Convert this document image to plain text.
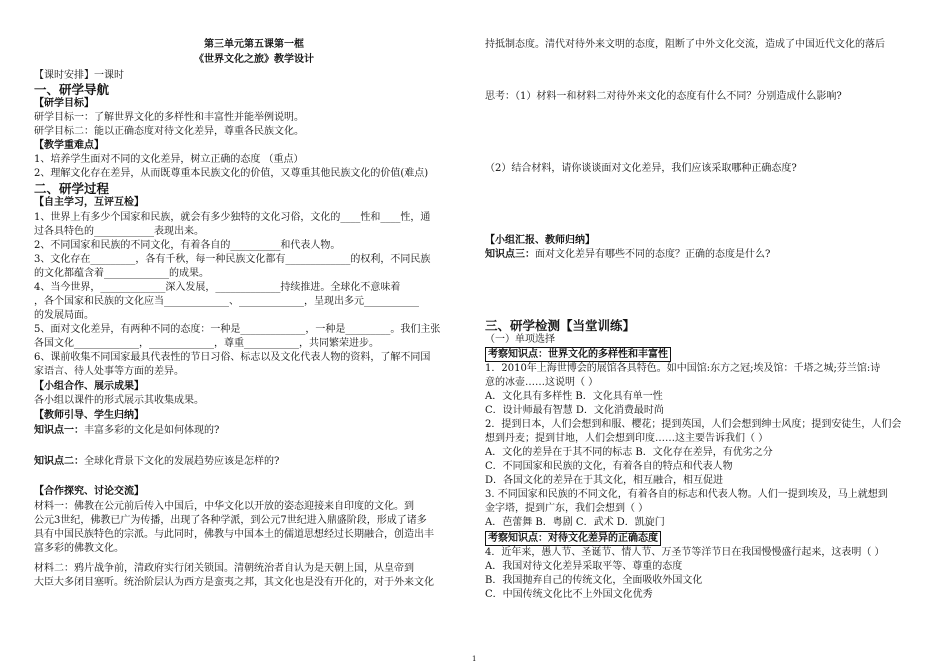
第三单元第五课第一框
《世界文化之旅》教学设计
【课时安排】一课时
一、研学导航
【研学目标】
研学目标一：了解世界文化的多样性和丰富性并能举例说明。
研学目标二：能以正确态度对待文化差异，尊重各民族文化。
【教学重难点】
1、培养学生面对不同的文化差异，树立正确的态度 （重点）
2、理解文化存在差异，从而既尊重本民族文化的价值，又尊重其他民族文化的价值(难点)
二、研学过程
【自主学习，互评互检】
1、世界上有多少个国家和民族，就会有多少独特的文化习俗，文化的____性和____性，通
过各具特色的____________表现出来。
2、不同国家和民族的不同文化，有着各自的__________和代表人物。
3、文化存在_________，各有千秋，每一种民族文化都有_____________的权利，不同民族
的文化都蕴含着_____________的成果。
4、当今世界，_____________深入发展，_____________持续推进。全球化不意味着
，各个国家和民族的文化应当_____________、_____________，呈现出多元___________
的发展局面。
5、面对文化差异，有两种不同的态度：一种是_____________，一种是_________。我们主张
各国文化_____________，_____________，尊重___________，共同繁荣进步。
6、课前收集不同国家最具代表性的节日习俗、标志以及文化代表人物的资料，了解不同国
家语言、待人处事等方面的差异。
【小组合作、展示成果】
各小组以课件的形式展示其收集成果。
【教师引导、学生归纳】
知识点一：丰富多彩的文化是如何体现的?
知识点二：全球化背景下文化的发展趋势应该是怎样的?
【合作探究、讨论交流】
材料一：佛教在公元前后传入中国后，中华文化以开放的姿态迎接来自印度的文化。到
公元3世纪，佛教已广为传播，出现了各种学派，到公元7世纪进入鼎盛阶段，形成了诸多
具有中国民族特色的宗派。与此同时，佛教与中国本土的儒道思想经过长期融合，创造出丰
富多彩的佛教文化。
材料二：鸦片战争前，清政府实行闭关锁国。清朝统治者自认为是天朝上国，从皇帝到
大臣大多闭目塞听。统治阶层认为西方是蛮夷之邦，其文化也是没有开化的，对于外来文化
持抵制态度。清代对待外来文明的态度，阻断了中外文化交流，造成了中国近代文化的落后
思考：（1）材料一和材料二对待外来文化的态度有什么不同？分别造成什么影响?
（2）结合材料，请你谈谈面对文化差异，我们应该采取哪种正确态度?
【小组汇报、教师归纳】
知识点三：面对文化差异有哪些不同的态度？正确的态度是什么?
三、研学检测【当堂训练】
（一）单项选择
考察知识点：世界文化的多样性和丰富性
1．2010年上海世博会的展馆各具特色。如中国馆:东方之冠;埃及馆：千塔之城;芬兰馆:诗
意的冰壶……这说明（ ）
A．文化具有多样性 B．文化具有单一性
C．设计师最有智慧 D．文化消费最时尚
2．提到日本，人们会想到和服、樱花；提到英国，人们会想到绅士风度；提到安徒生，人们会
想到丹麦；提到甘地，人们会想到印度……这主要告诉我们（ ）
A．文化的差异在于其不同的标志 B．文化存在差异，有优劣之分
C．不同国家和民族的文化，有着各自的特点和代表人物
D．各国文化的差异在于其文化，相互融合，相互促进
3. 不同国家和民族的不同文化，有着各自的标志和代表人物。人们一提到埃及，马上就想到
金字塔，提到广东，我们会想到（ ）
A．芭蕾舞 B．粤剧 C．武术 D．凯旋门
考察知识点：对待文化差异的正确态度
4．近年来，愚人节、圣诞节、情人节、万圣节等洋节日在我国慢慢盛行起来，这表明（ ）
A．我国对待文化差异采取平等、尊重的态度
B．我国抛弃自己的传统文化，全面吸收外国文化
C．中国传统文化比不上外国文化优秀
1
